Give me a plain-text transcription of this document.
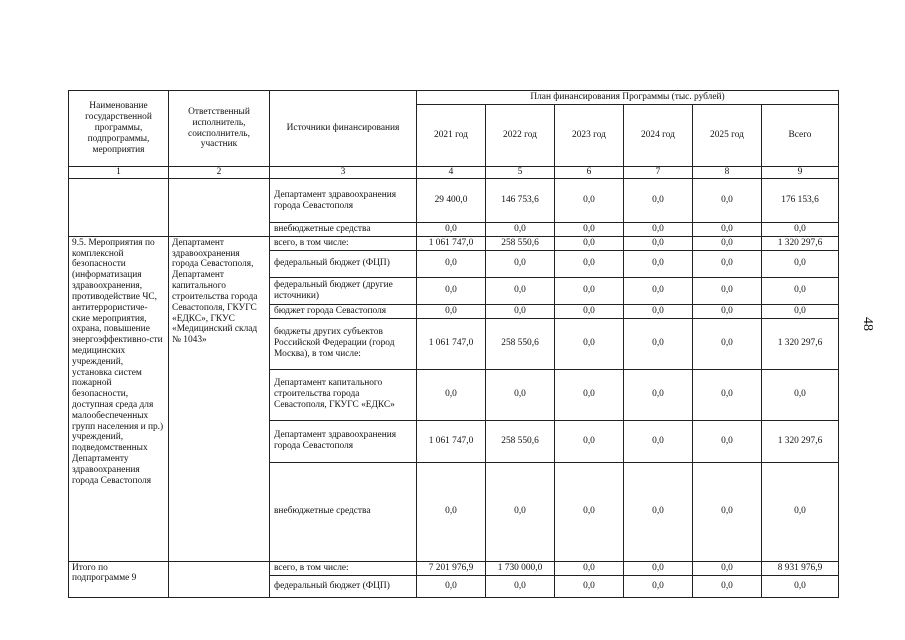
48
Наименование государственной программы, подпрограммы, мероприятия	Ответственный исполнитель, соисполнитель, участник	Источники финансирования	План финансирования Программы (тыс. рублей)					
			2021 год	2022 год	2023 год	2024 год	2025 год	Всего
1	2	3	4	5	6	7	8	9
		Департамент здравоохранения города Севастополя	29 400,0	146 753,6	0,0	0,0	0,0	176 153,6
		внебюджетные средства	0,0	0,0	0,0	0,0	0,0	0,0
9.5. Мероприятия по комплексной безопасности (информатизация здравоохранения, противодействие ЧС, антитеррористиче-ские мероприятия, охрана, повышение энергоэффективно-сти медицинских учреждений, установка систем пожарной безопасности, доступная среда для малообеспеченных групп населения и пр.) учреждений, подведомственных Департаменту здравоохранения города Севастополя	Департамент здравоохранения города Севастополя, Департамент капитального строительства города Севастополя, ГКУГС «ЕДКС», ГКУС «Медицинский склад № 1043»	всего, в том числе:	1 061 747,0	258 550,6	0,0	0,0	0,0	1 320 297,6
		федеральный бюджет (ФЦП)	0,0	0,0	0,0	0,0	0,0	0,0
		федеральный бюджет (другие источники)	0,0	0,0	0,0	0,0	0,0	0,0
		бюджет города Севастополя	0,0	0,0	0,0	0,0	0,0	0,0
		бюджеты других субъектов Российской Федерации (город Москва), в том числе:	1 061 747,0	258 550,6	0,0	0,0	0,0	1 320 297,6
		Департамент капитального строительства города Севастополя, ГКУГС «ЕДКС»	0,0	0,0	0,0	0,0	0,0	0,0
		Департамент здравоохранения города Севастополя	1 061 747,0	258 550,6	0,0	0,0	0,0	1 320 297,6
		внебюджетные средства	0,0	0,0	0,0	0,0	0,0	0,0
Итого по подпрограмме 9		всего, в том числе:	7 201 976,9	1 730 000,0	0,0	0,0	0,0	8 931 976,9
		федеральный бюджет (ФЦП)	0,0	0,0	0,0	0,0	0,0	0,0
